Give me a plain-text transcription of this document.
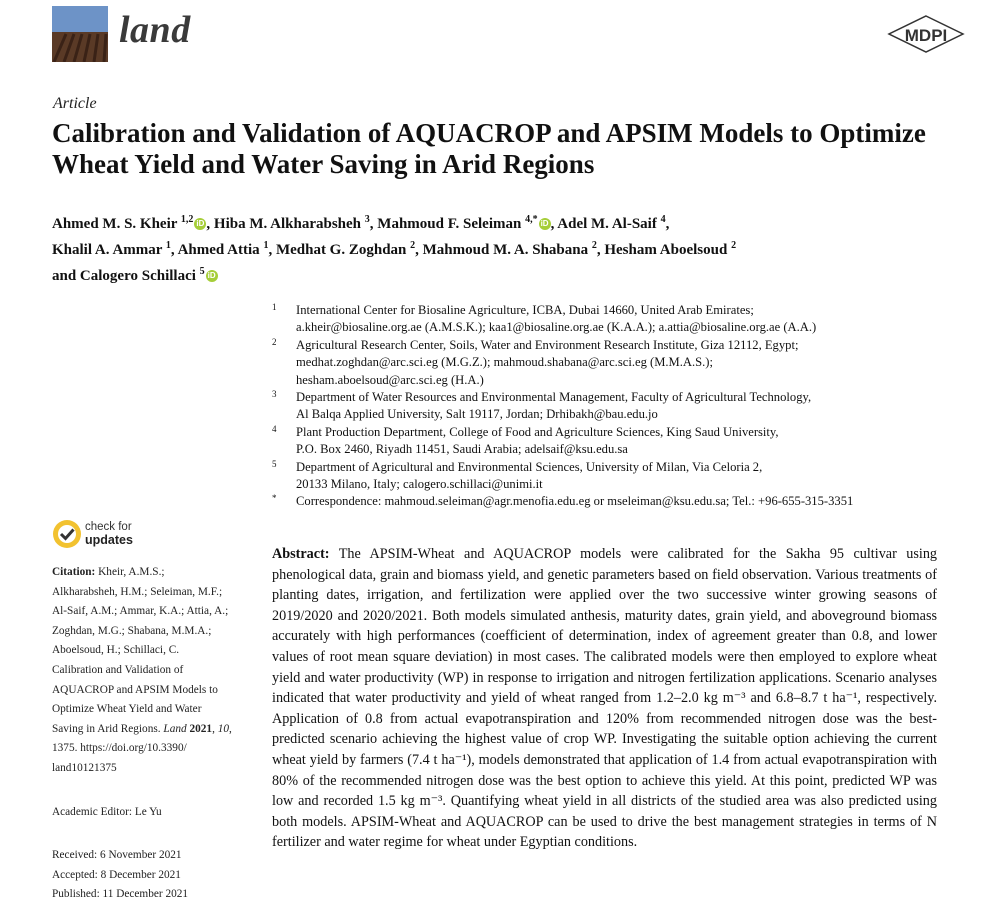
land	MDPI
Article
Calibration and Validation of AQUACROP and APSIM Models to Optimize Wheat Yield and Water Saving in Arid Regions
Ahmed M. S. Kheir $^{1,2}$ iD , Hiba M. Alkharabsheh $^3$, Mahmoud F. Seleiman $^{4,*}$ iD , Adel M. Al-Saif $^4$,
Khalil A. Ammar $^1$, Ahmed Attia $^1$, Medhat G. Zoghdan $^2$, Mahmoud M. A. Shabana $^2$, Hesham Aboelsoud $^2$
and Calogero Schillaci $^5$ iD
1 International Center for Biosaline Agriculture, ICBA, Dubai 14660, United Arab Emirates;
a.kheir@biosaline.org.ae (A.M.S.K.); kaa1@biosaline.org.ae (K.A.A.); a.attia@biosaline.org.ae (A.A.)
2 Agricultural Research Center, Soils, Water and Environment Research Institute, Giza 12112, Egypt;
medhat.zoghdan@arc.sci.eg (M.G.Z.); mahmoud.shabana@arc.sci.eg (M.M.A.S.);
hesham.aboelsoud@arc.sci.eg (H.A.)
3 Department of Water Resources and Environmental Management, Faculty of Agricultural Technology,
Al Balqa Applied University, Salt 19117, Jordan; Drhibakh@bau.edu.jo
4 Plant Production Department, College of Food and Agriculture Sciences, King Saud University,
P.O. Box 2460, Riyadh 11451, Saudi Arabia; adelsaif@ksu.edu.sa
5 Department of Agricultural and Environmental Sciences, University of Milan, Via Celoria 2,
20133 Milano, Italy; calogero.schillaci@unimi.it
* Correspondence: mahmoud.seleiman@agr.menofia.edu.eg or mseleiman@ksu.edu.sa; Tel.: +96-655-315-3351
check for
updates
Citation: Kheir, A.M.S.;
Alkharabsheh, H.M.; Seleiman, M.F.;
Al-Saif, A.M.; Ammar, K.A.; Attia, A.;
Zoghdan, M.G.; Shabana, M.M.A.;
Aboelsoud, H.; Schillaci, C.
Calibration and Validation of
AQUACROP and APSIM Models to
Optimize Wheat Yield and Water
Saving in Arid Regions. Land 2021, 10,
1375. https://doi.org/10.3390/
land10121375
Academic Editor: Le Yu
Received: 6 November 2021
Accepted: 8 December 2021
Published: 11 December 2021
Abstract: The APSIM-Wheat and AQUACROP models were calibrated for the Sakha 95 cultivar using phenological data, grain and biomass yield, and genetic parameters based on field observation. Various treatments of planting dates, irrigation, and fertilization were applied over the two successive winter growing seasons of 2019/2020 and 2020/2021. Both models simulated anthesis, maturity dates, grain yield, and aboveground biomass accurately with high performances (coefficient of determination, index of agreement greater than 0.8, and lower values of root mean square deviation) in most cases. The calibrated models were then employed to explore wheat yield and water productivity (WP) in response to irrigation and nitrogen fertilization applications. Scenario analyses indicated that water productivity and yield of wheat ranged from 1.2–2.0 kg m⁻³ and 6.8–8.7 t ha⁻¹, respectively. Application of 0.8 from actual evapotranspiration and 120% from recommended nitrogen dose was the best-predicted scenario achieving the highest value of crop WP. Investigating the suitable option achieving the current wheat yield by farmers (7.4 t ha⁻¹), models demonstrated that application of 1.4 from actual evapotranspiration with 80% of the recommended nitrogen dose was the best option to achieve this yield. At this point, predicted WP was low and recorded 1.5 kg m⁻³. Quantifying wheat yield in all districts of the studied area was also predicted using both models. APSIM-Wheat and AQUACROP can be used to drive the best management strategies in terms of N fertilizer and water regime for wheat under Egyptian conditions.
